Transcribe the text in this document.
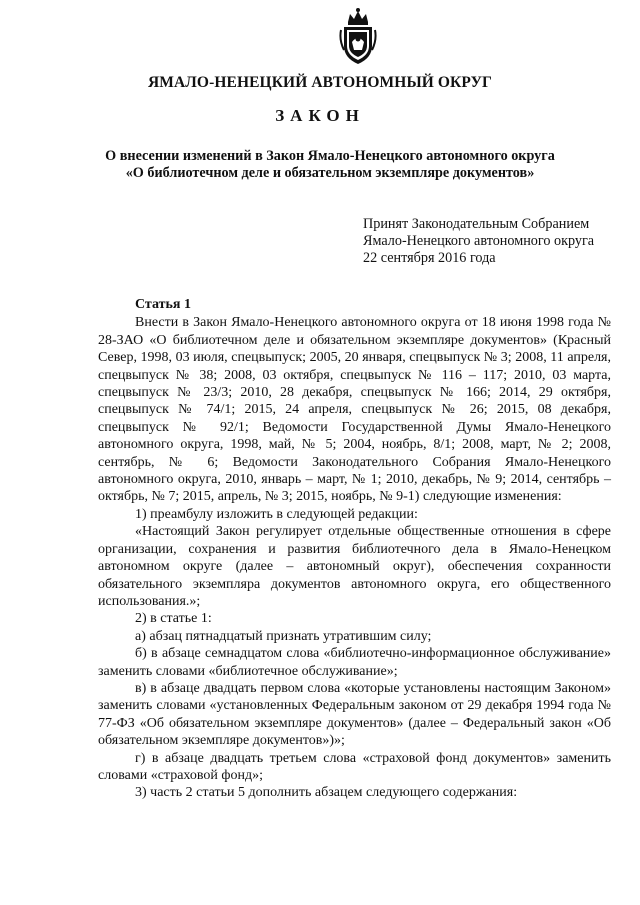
ЯМАЛО-НЕНЕЦКИЙ АВТОНОМНЫЙ ОКРУГ
ЗАКОН
О внесении изменений в Закон Ямало-Ненецкого автономного округа
«О библиотечном деле и обязательном экземпляре документов»
Принят Законодательным Собранием
Ямало-Ненецкого автономного округа
22 сентября 2016 года
Статья 1

Внести в Закон Ямало-Ненецкого автономного округа от 18 июня 1998 года № 28-ЗАО «О библиотечном деле и обязательном экземпляре документов» (Красный Север, 1998, 03 июля, спецвыпуск; 2005, 20 января, спецвыпуск № 3; 2008, 11 апреля, спецвыпуск № 38; 2008, 03 октября, спецвыпуск № 116 – 117; 2010, 03 марта, спецвыпуск № 23/3; 2010, 28 декабря, спецвыпуск № 166; 2014, 29 октября, спецвыпуск № 74/1; 2015, 24 апреля, спецвыпуск № 26; 2015, 08 декабря, спецвыпуск № 92/1; Ведомости Государственной Думы Ямало-Ненецкого автономного округа, 1998, май, № 5; 2004, ноябрь, 8/1; 2008, март, № 2; 2008, сентябрь, № 6; Ведомости Законодательного Собрания Ямало-Ненецкого автономного округа, 2010, январь – март, № 1; 2010, декабрь, № 9; 2014, сентябрь – октябрь, № 7; 2015, апрель, № 3; 2015, ноябрь, № 9-1) следующие изменения:

1) преамбулу изложить в следующей редакции:

«Настоящий Закон регулирует отдельные общественные отношения в сфере организации, сохранения и развития библиотечного дела в Ямало-Ненецком автономном округе (далее – автономный округ), обеспечения сохранности обязательного экземпляра документов автономного округа, его общественного использования.»;

2) в статье 1:

а) абзац пятнадцатый признать утратившим силу;

б) в абзаце семнадцатом слова «библиотечно-информационное обслуживание» заменить словами «библиотечное обслуживание»;

в) в абзаце двадцать первом слова «которые установлены настоящим Законом» заменить словами «установленных Федеральным законом от 29 декабря 1994 года № 77-ФЗ «Об обязательном экземпляре документов» (далее – Федеральный закон «Об обязательном экземпляре документов»)»;

г) в абзаце двадцать третьем слова «страховой фонд документов» заменить словами «страховой фонд»;

3) часть 2 статьи 5 дополнить абзацем следующего содержания:
